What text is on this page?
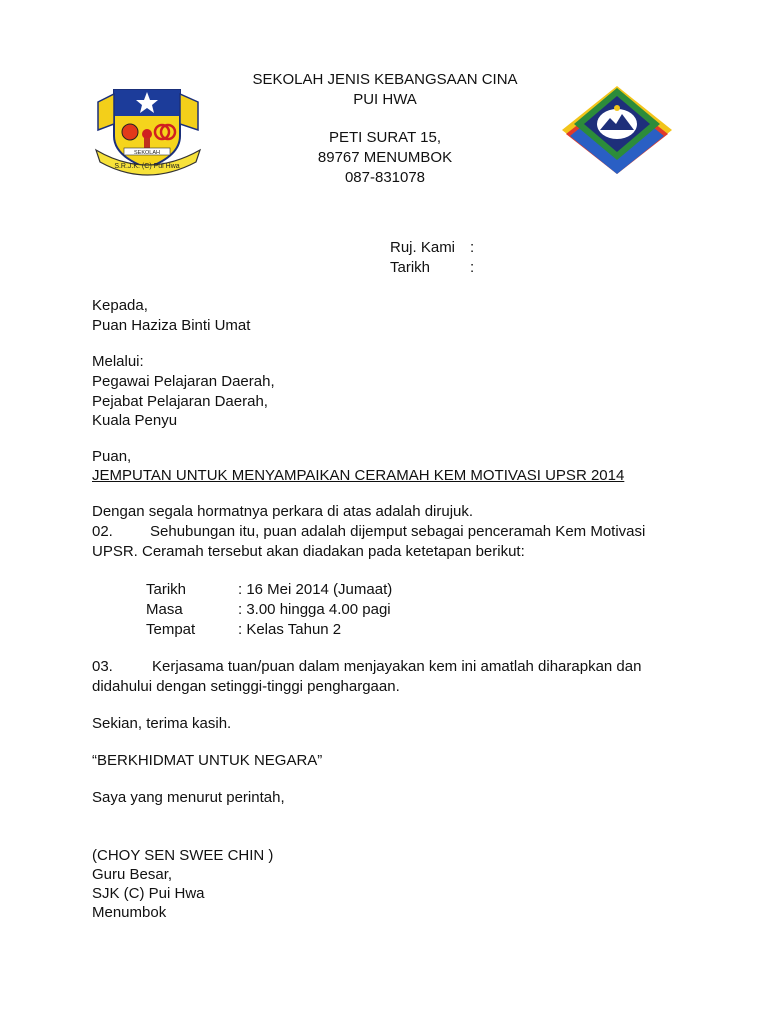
S.R.J.K. (C) Pui Hwa
SEKOLAH
SEKOLAH JENIS KEBANGSAAN CINA
PUI HWA
PETI SURAT 15,
89767 MENUMBOK
087-831078
Ruj. Kami :
Tarikh	:
Kepada,
Puan Haziza Binti Umat
Melalui:
Pegawai Pelajaran Daerah,
Pejabat Pelajaran Daerah,
Kuala Penyu
Puan,
JEMPUTAN UNTUK MENYAMPAIKAN CERAMAH KEM MOTIVASI UPSR 2014
Dengan segala hormatnya perkara di atas adalah dirujuk.
02. Sehubungan itu, puan adalah dijemput sebagai penceramah Kem Motivasi
UPSR. Ceramah tersebut akan diadakan pada ketetapan berikut:
Tarikh	: 16 Mei 2014 (Jumaat)
Masa	: 3.00 hingga 4.00 pagi
Tempat	: Kelas Tahun 2
03.	Kerjasama tuan/puan dalam menjayakan kem ini amatlah diharapkan dan
didahului dengan setinggi-tinggi penghargaan.
Sekian, terima kasih.
“BERKHIDMAT UNTUK NEGARA”
Saya yang menurut perintah,
(CHOY SEN SWEE CHIN )
Guru Besar,
SJK (C) Pui Hwa
Menumbok
